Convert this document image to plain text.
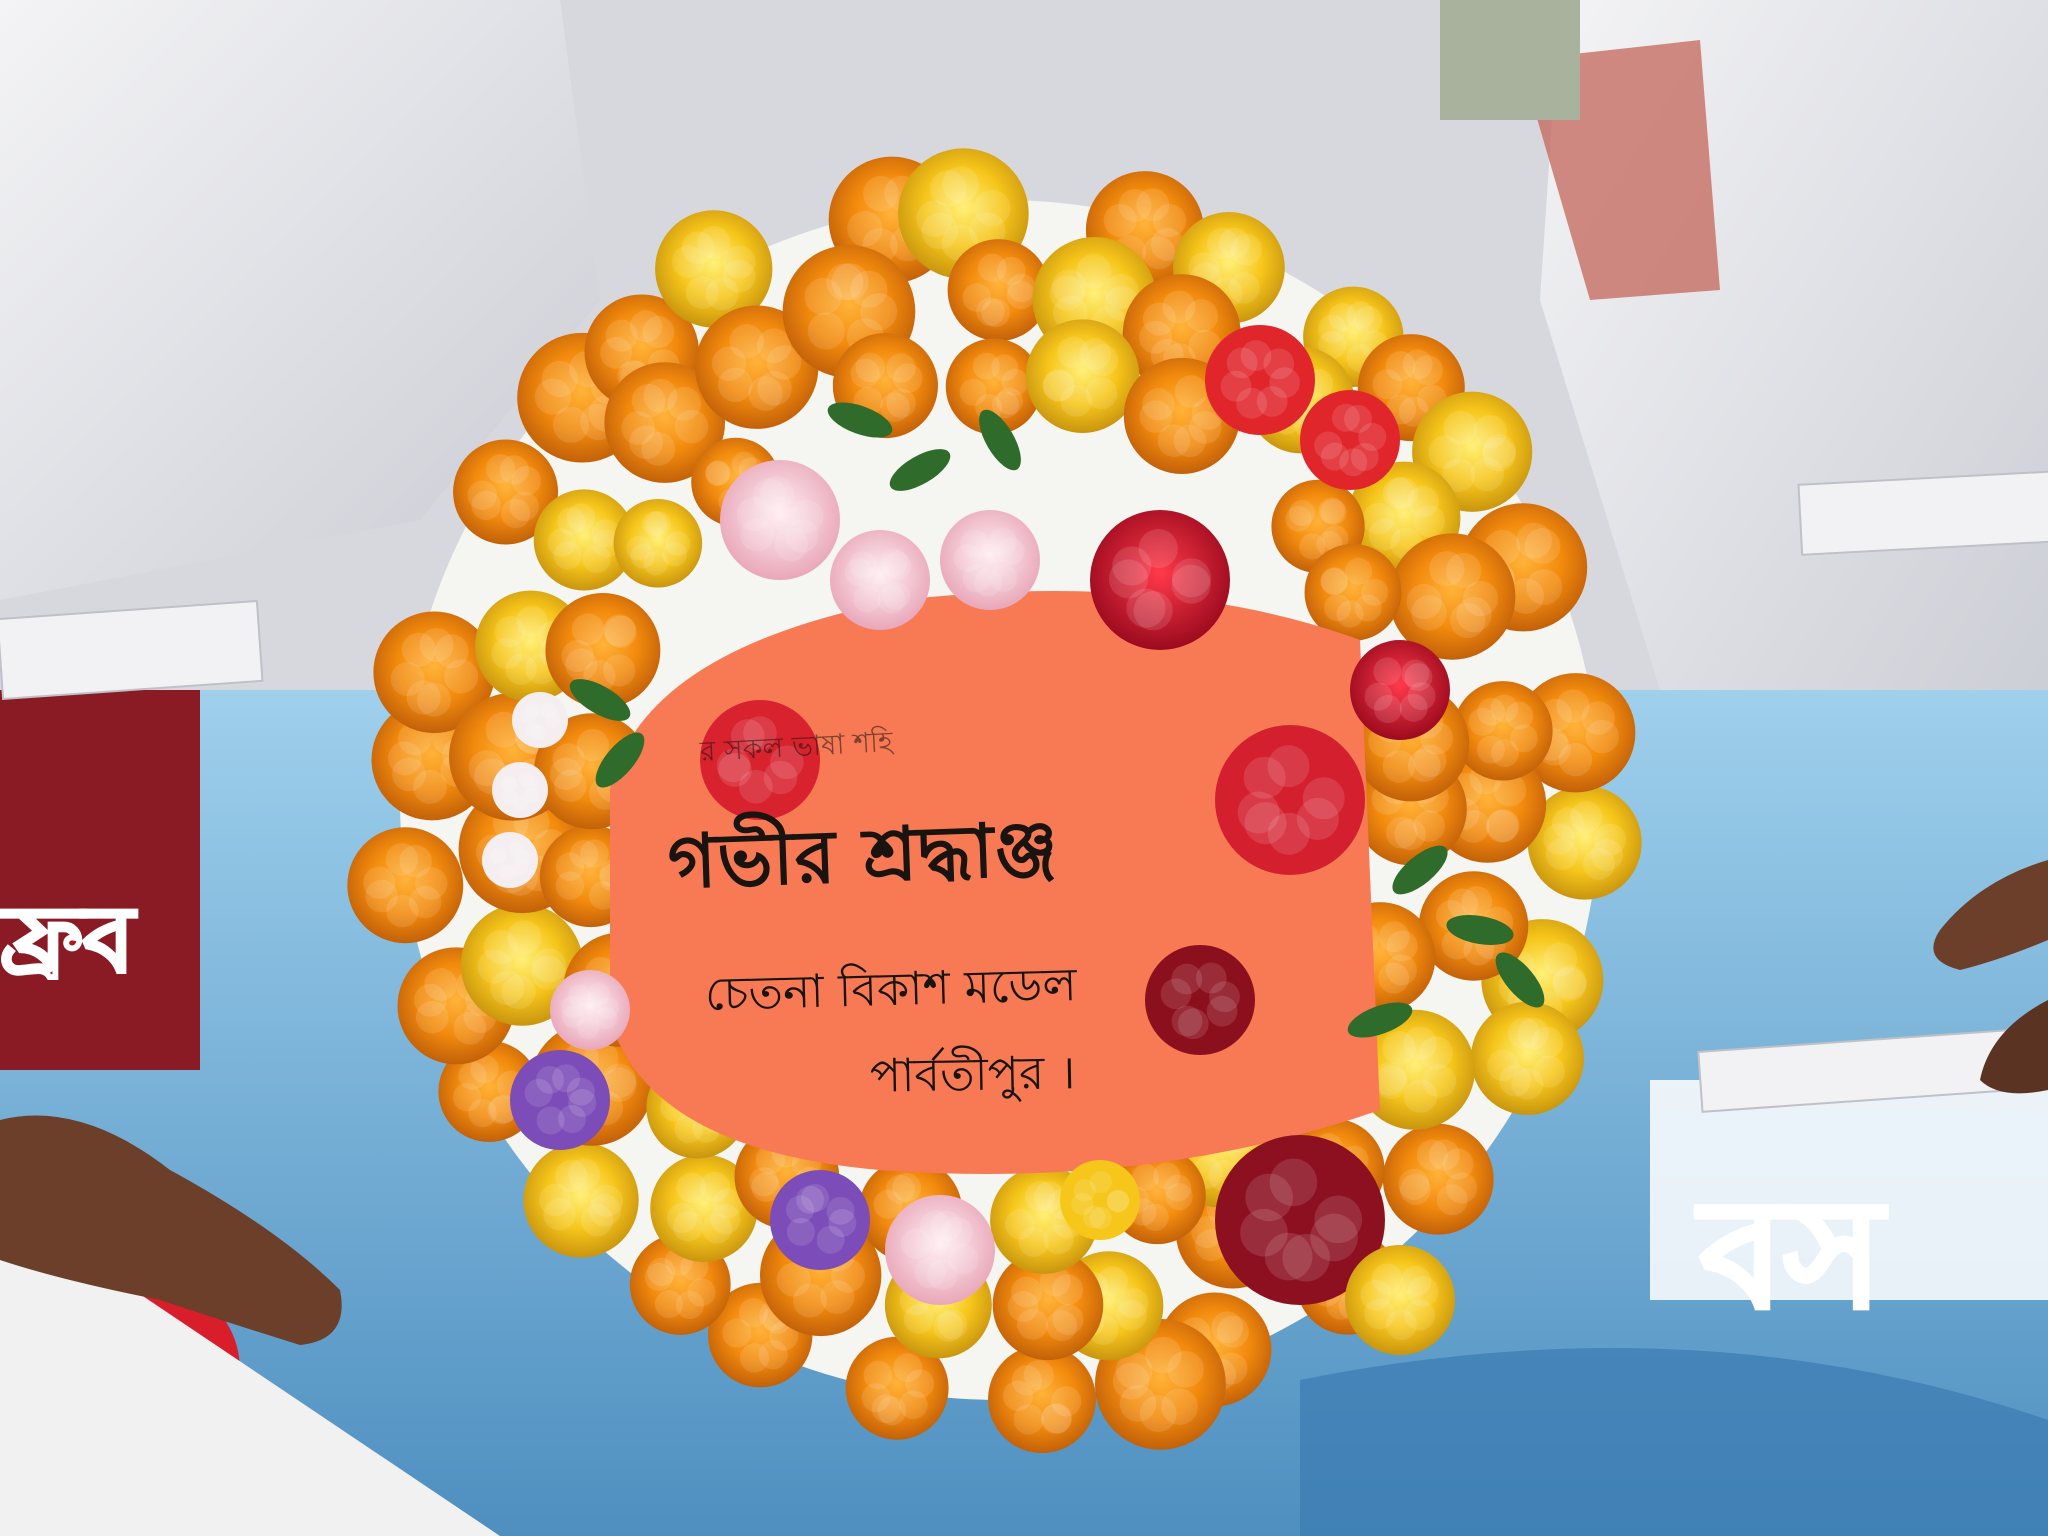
র সকল ভাষা শহি
গভীর শ্রদ্ধাঞ্জ
চেতনা বিকাশ মডেল
পার্বতীপুর ।
ফ্রব
বস
